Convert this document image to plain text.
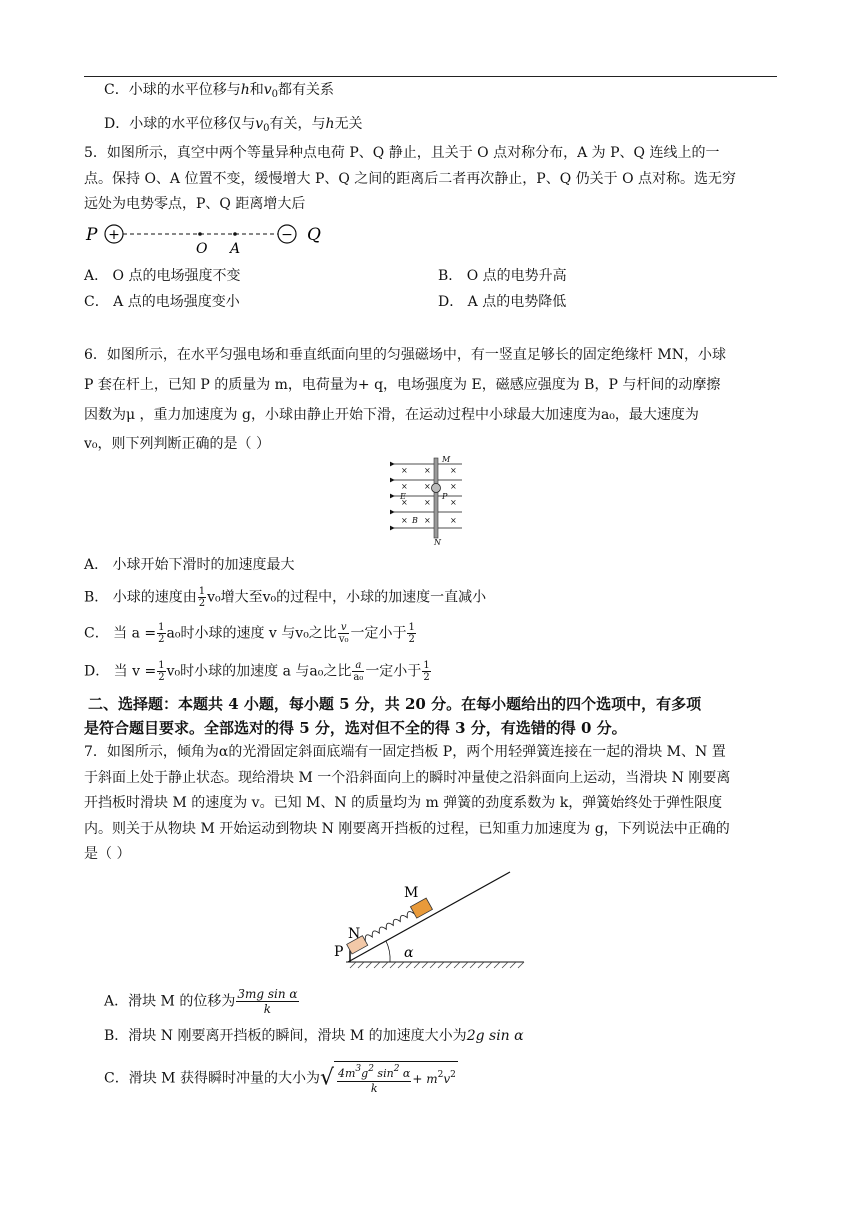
C．小球的水平位移与h和$v_0$都有关系
D．小球的水平位移仅与$v_0$有关，与h无关
5．如图所示，真空中两个等量异种点电荷 P、Q 静止，且关于 O 点对称分布，A 为 P、Q 连线上的一
点。保持 O、A 位置不变，缓慢增大 P、Q 之间的距离后二者再次静止，P、Q 仍关于 O 点对称。选无穷
远处为电势零点，P、Q 距离增大后
P +
O A
− Q
A． O 点的电场强度不变	B． O 点的电势升高
C． A 点的电场强度变小	D． A 点的电势降低
6．如图所示，在水平匀强电场和垂直纸面向里的匀强磁场中，有一竖直足够长的固定绝缘杆 MN，小球
P 套在杆上，已知 P 的质量为 m，电荷量为+ q，电场强度为 E，磁感应强度为 B，P 与杆间的动摩擦
因数为μ ，重力加速度为 g，小球由静止开始下滑，在运动过程中小球最大加速度为a₀，最大速度为
v₀，则下列判断正确的是（ ）
× × ×
× × ×
× × ×
× × ×
M
N
E
B
P
A． 小球开始下滑时的加速度最大
B． 小球的速度由 $\frac{1}{2} v_0$增大至v₀的过程中，小球的加速度一直减小
C． 当 $a = \frac{1}{2} a_0$时小球的速度 v 与v₀之比 $\frac{v}{\text{v₀}}$ 一定小于 $\frac{1}{2}$
D． 当 $v = \frac{1}{2} v_0$时小球的加速度 a 与a₀之比 $\frac{a}{\text{a₀}}$ 一定小于 $\frac{1}{2}$
二、选择题：本题共 4 小题，每小题 5 分，共 20 分。在每小题给出的四个选项中，有多项
是符合题目要求。全部选对的得 5 分，选对但不全的得 3 分，有选错的得 0 分。
7．如图所示，倾角为α的光滑固定斜面底端有一固定挡板 P，两个用轻弹簧连接在一起的滑块 M、N 置
于斜面上处于静止状态。现给滑块 M 一个沿斜面向上的瞬时冲量使之沿斜面向上运动，当滑块 N 刚要离
开挡板时滑块 M 的速度为 v。已知 M、N 的质量均为 m 弹簧的劲度系数为 k，弹簧始终处于弹性限度
内。则关于从物块 M 开始运动到物块 N 刚要离开挡板的过程，已知重力加速度为 g，下列说法中正确的
是（ ）
α
M
N
P
A．滑块 M 的位移为 $\frac{\text{3mg sin α}}{k}$
B．滑块 N 刚要离开挡板的瞬间，滑块 M 的加速度大小为2g sin α
C．滑块 M 获得瞬时冲量的大小为√ $\frac{4m^3g^2 \sin^2 \alpha}{k} + m^2v^2$
